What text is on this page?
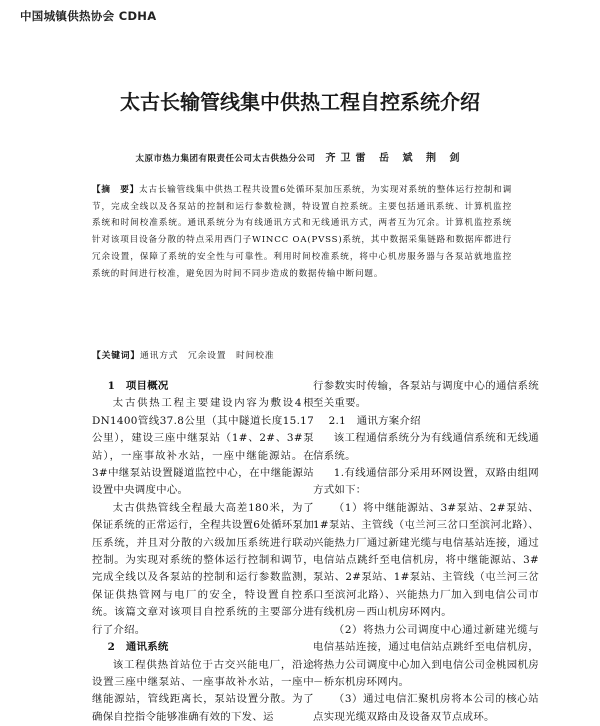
中国城镇供热协会 CDHA
太古长输管线集中供热工程自控系统介绍
太原市热力集团有限责任公司太古供热分公司 齐卫雷 岳 斌 荆 剑
【摘　要】太古长输管线集中供热工程共设置6处循环泵加压系统，为实现对系统的整体运行控制和调节，完成全线以及各泵站的控制和运行参数检测，特设置自控系统。主要包括通讯系统、计算机监控系统和时间校准系统。通讯系统分为有线通讯方式和无线通讯方式，两者互为冗余。计算机监控系统针对该项目设备分散的特点采用西门子WINCC OA(PVSS)系统，其中数据采集链路和数据库都进行冗余设置，保障了系统的安全性与可靠性。利用时间校准系统，将中心机房服务器与各泵站就地监控系统的时间进行校准，避免因为时间不同步造成的数据传输中断问题。
【关键词】通讯方式　冗余设置　时间校准
1　项目概况

太古供热工程主要建设内容为敷设4根DN1400管线37.8公里（其中隧道长度15.17公里），建设三座中继泵站（1#、2#、3#泵站），一座事故补水站，一座中继能源站。在3#中继泵站设置隧道监控中心，在中继能源站设置中央调度中心。

太古供热管线全程最大高差180米，为了保证系统的正常运行，全程共设置6处循环泵加压系统，并且对分散的六级加压系统进行联动控制。为实现对系统的整体运行控制和调节，完成全线以及各泵站的控制和运行参数监测，保证供热管网与电厂的安全，特设置自控系统。该篇文章对该项目自控系统的主要部分进行了介绍。

2　通讯系统

该工程供热首站位于古交兴能电厂，沿途设置三座中继泵站、一座事故补水站，一座中继能源站，管线距离长，泵站设置分散。为了确保自控指令能够准确有效的下发、运

行参数实时传输，各泵站与调度中心的通信系统至关重要。

2.1　通讯方案介绍

该工程通信系统分为有线通信系统和无线通信系统。

1.有线通信部分采用环网设置，双路由组网方式如下：

（1）将中继能源站、3#泵站、2#泵站、1#泵站、主管线（屯兰河三岔口至滨河北路）、兴能热力厂通过新建光缆与电信基站连接，通过电信站点跳纤至电信机房，将中继能源站、3#泵站、2#泵站、1#泵站、主管线（屯兰河三岔口至滨河北路）、兴能热力厂加入到电信公司市有线机房－西山机房环网内。

（2）将热力公司调度中心通过新建光缆与电信基站连接，通过电信站点跳纤至电信机房，将热力公司调度中心加入到电信公司金桃园机房－桥东机房环网内。

（3）通过电信汇聚机房将本公司的核心站点实现光缆双路由及设备双节点成环。
